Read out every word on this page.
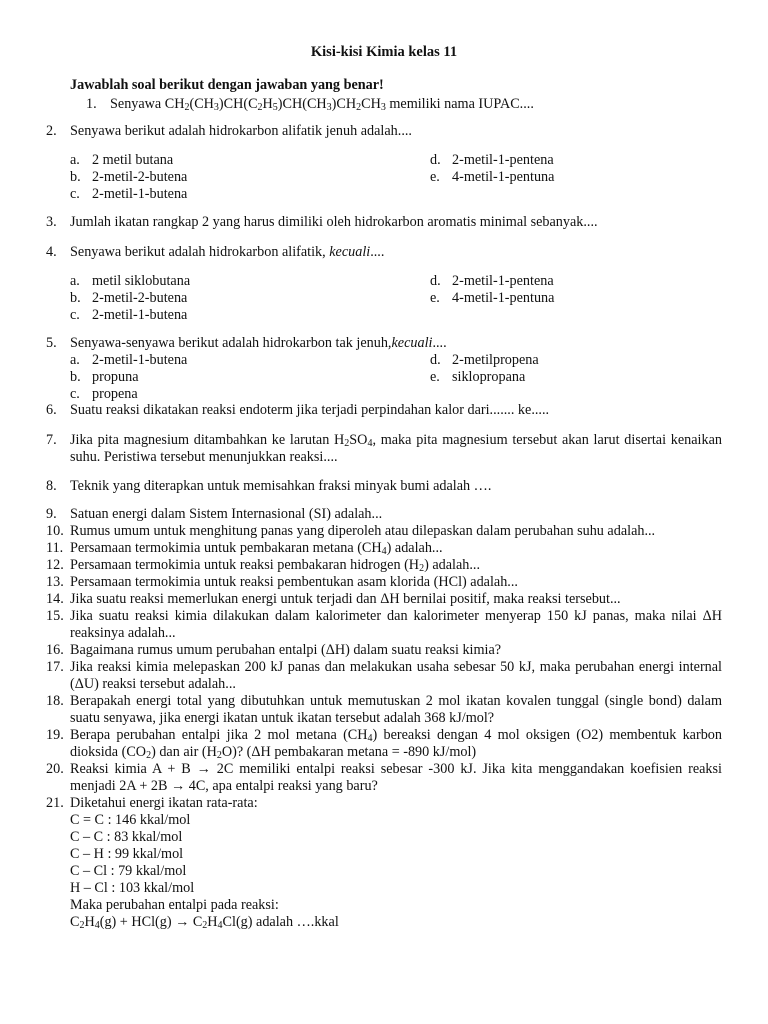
Kisi-kisi Kimia kelas 11
Jawablah soal berikut dengan jawaban yang benar!
1. Senyawa $CH_2(CH_3)CH(C_2H_5)CH(CH_3)CH_2CH_3$ memiliki nama IUPAC....
2. Senyawa berikut adalah hidrokarbon alifatik jenuh adalah....
a. 2 metil butana
b. 2-metil-2-butena
c. 2-metil-1-butena
d. 2-metil-1-pentena
e. 4-metil-1-pentuna
3. Jumlah ikatan rangkap 2 yang harus dimiliki oleh hidrokarbon aromatis minimal sebanyak....
4. Senyawa berikut adalah hidrokarbon alifatik, kecuali....
a. metil siklobutana
b. 2-metil-2-butena
c. 2-metil-1-butena
d. 2-metil-1-pentena
e. 4-metil-1-pentuna
5. Senyawa-senyawa berikut adalah hidrokarbon tak jenuh,kecuali....
a. 2-metil-1-butena
b. propuna
c. propena
d. 2-metilpropena
e. siklopropana
6. Suatu reaksi dikatakan reaksi endoterm jika terjadi perpindahan kalor dari....... ke.....
7. Jika pita magnesium ditambahkan ke larutan $H_2SO_4$, maka pita magnesium tersebut akan larut disertai kenaikan suhu. Peristiwa tersebut menunjukkan reaksi....
8. Teknik yang diterapkan untuk memisahkan fraksi minyak bumi adalah ….
9. Satuan energi dalam Sistem Internasional (SI) adalah...
10. Rumus umum untuk menghitung panas yang diperoleh atau dilepaskan dalam perubahan suhu adalah...
11. Persamaan termokimia untuk pembakaran metana $(CH_4)$ adalah...
12. Persamaan termokimia untuk reaksi pembakaran hidrogen $(H_2)$ adalah...
13. Persamaan termokimia untuk reaksi pembentukan asam klorida (HCl) adalah...
14. Jika suatu reaksi memerlukan energi untuk terjadi dan ΔH bernilai positif, maka reaksi tersebut...
15. Jika suatu reaksi kimia dilakukan dalam kalorimeter dan kalorimeter menyerap 150 kJ panas, maka nilai ΔH reaksinya adalah...
16. Bagaimana rumus umum perubahan entalpi (ΔH) dalam suatu reaksi kimia?
17. Jika reaksi kimia melepaskan 200 kJ panas dan melakukan usaha sebesar 50 kJ, maka perubahan energi internal (ΔU) reaksi tersebut adalah...
18. Berapakah energi total yang dibutuhkan untuk memutuskan 2 mol ikatan kovalen tunggal (single bond) dalam suatu senyawa, jika energi ikatan untuk ikatan tersebut adalah 368 kJ/mol?
19. Berapa perubahan entalpi jika 2 mol metana $(CH_4)$ bereaksi dengan 4 mol oksigen (O2) membentuk karbon dioksida $(CO_2)$ dan air $(H_2O)$? (ΔH pembakaran metana = -890 kJ/mol)
20. Reaksi kimia A + B → 2C memiliki entalpi reaksi sebesar -300 kJ. Jika kita menggandakan koefisien reaksi menjadi 2A + 2B → 4C, apa entalpi reaksi yang baru?
21. Diketahui energi ikatan rata-rata:
C = C : 146 kkal/mol
C – C : 83 kkal/mol
C – H : 99 kkal/mol
C – Cl : 79 kkal/mol
H – Cl : 103 kkal/mol
Maka perubahan entalpi pada reaksi:
$C_2H_4(g) + HCl(g) \to C_2H_4Cl(g)$ adalah ….kkal
